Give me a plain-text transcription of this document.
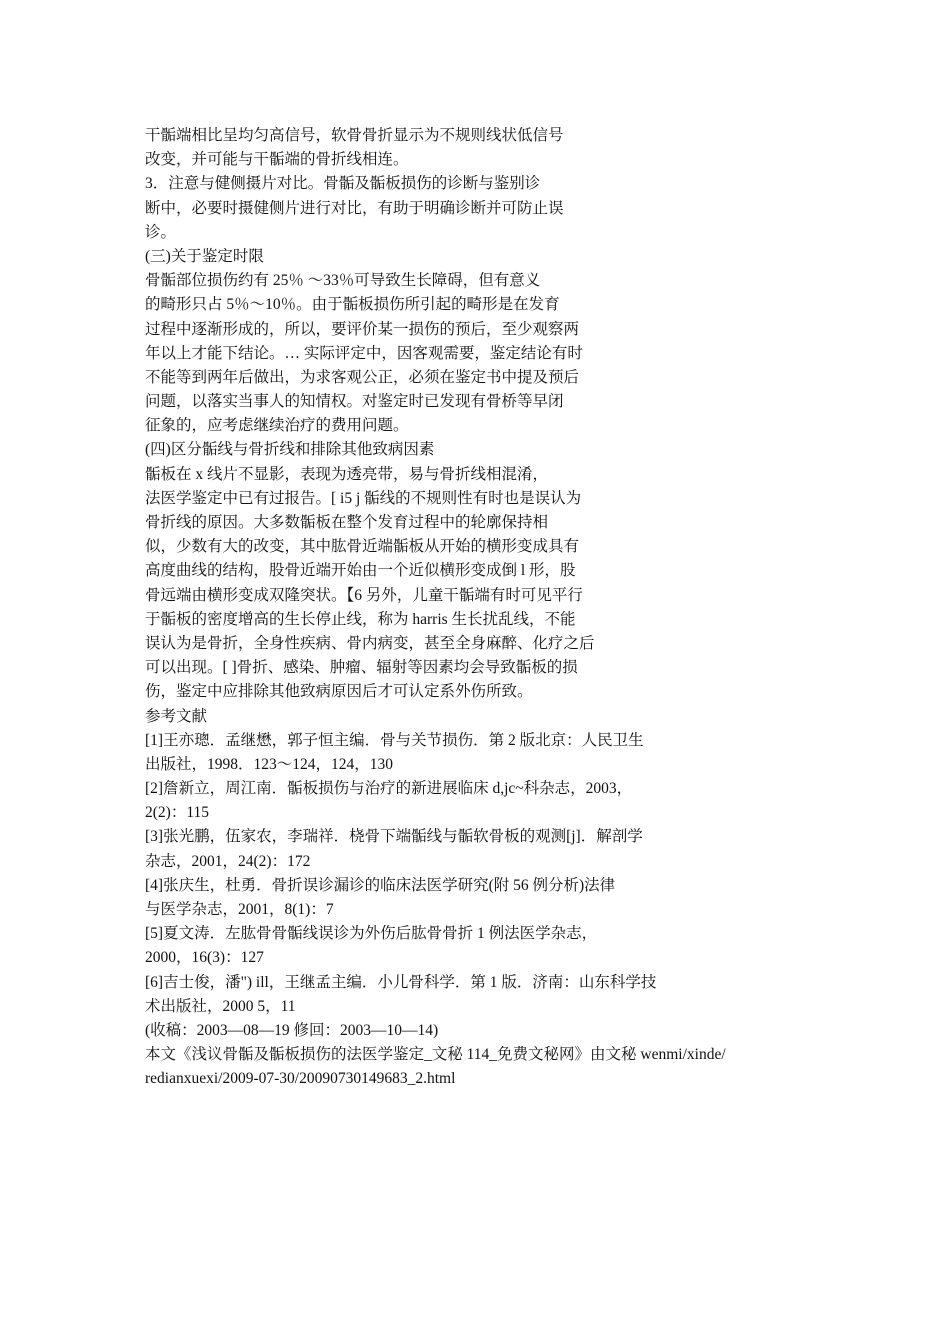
干骺端相比呈均匀高信号，软骨骨折显示为不规则线状低信号
改变，并可能与干骺端的骨折线相连。
3．注意与健侧摄片对比。骨骺及骺板损伤的诊断与鉴别诊
断中，必要时摄健侧片进行对比，有助于明确诊断并可防止误
诊。
(三)关于鉴定时限
骨骺部位损伤约有 25％ ～33％可导致生长障碍，但有意义
的畸形只占 5％～10％。由于骺板损伤所引起的畸形是在发育
过程中逐渐形成的，所以，要评价某一损伤的预后，至少观察两
年以上才能下结论。… 实际评定中，因客观需要，鉴定结论有时
不能等到两年后做出，为求客观公正，必须在鉴定书中提及预后
问题，以落实当事人的知情权。对鉴定时已发现有骨桥等早闭
征象的，应考虑继续治疗的费用问题。
(四)区分骺线与骨折线和排除其他致病因素
骺板在 x 线片不显影，表现为透亮带，易与骨折线相混淆，
法医学鉴定中已有过报告。[ i5 j 骺线的不规则性有时也是误认为
骨折线的原因。大多数骺板在整个发育过程中的轮廓保持相
似，少数有大的改变，其中肱骨近端骺板从开始的横形变成具有
高度曲线的结构，股骨近端开始由一个近似横形变成倒 l 形，股
骨远端由横形变成双隆突状。【6 另外，儿童干骺端有时可见平行
于骺板的密度增高的生长停止线，称为 harris 生长扰乱线，不能
误认为是骨折，全身性疾病、骨内病变，甚至全身麻醉、化疗之后
可以出现。[ ]骨折、感染、肿瘤、辐射等因素均会导致骺板的损
伤，鉴定中应排除其他致病原因后才可认定系外伤所致。
参考文献
[1]王亦璁．孟继懋，郭子恒主编．骨与关节损伤．第 2 版北京：人民卫生
出版社，1998．123～124，124，130
[2]詹新立，周江南．骺板损伤与治疗的新进展临床 d,jc~科杂志，2003，
2(2)：115
[3]张光鹏，伍家农，李瑞祥．桡骨下端骺线与骺软骨板的观测[j]．解剖学
杂志，2001，24(2)：172
[4]张庆生，杜勇．骨折误诊漏诊的临床法医学研究(附 56 例分析)法律
与医学杂志，2001，8(1)：7
[5]夏文涛．左肱骨骨骺线误诊为外伤后肱骨骨折 1 例法医学杂志，
2000，16(3)：127
[6]吉士俊，潘") ill，王继孟主编．小儿骨科学．第 1 版．济南：山东科学技
术出版社，2000 5，11
(收稿：2003—08—19 修回：2003—10—14)
本文《浅议骨骺及骺板损伤的法医学鉴定_文秘 114_免费文秘网》由文秘 wenmi/xinde/
redianxuexi/2009-07-30/20090730149683_2.html
